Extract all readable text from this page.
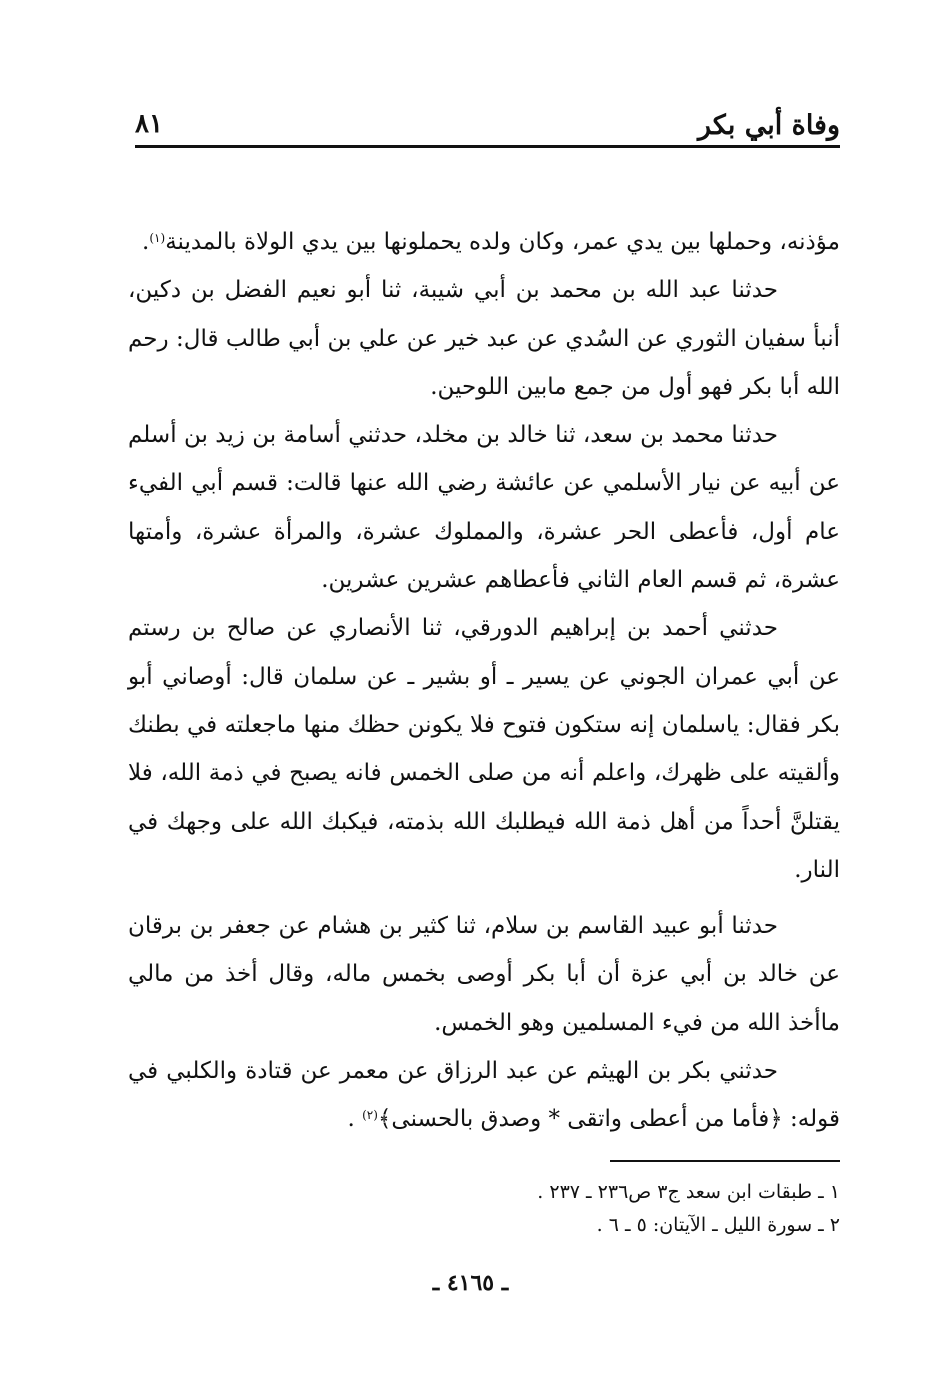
وفاة أبي بكر
٨١

مؤذنه، وحملها بين يدي عمر، وكان ولده يحملونها بين يدي الولاة بالمدينة$^{(١)}$.

حدثنا عبد الله بن محمد بن أبي شيبة، ثنا أبو نعيم الفضل بن دكين، أنبأ سفيان الثوري عن السُدي عن عبد خير عن علي بن أبي طالب قال: رحم الله أبا بكر فهو أول من جمع مابين اللوحين.

حدثنا محمد بن سعد، ثنا خالد بن مخلد، حدثني أسامة بن زيد بن أسلم عن أبيه عن نيار الأسلمي عن عائشة رضي الله عنها قالت: قسم أبي الفيء عام أول، فأعطى الحر عشرة، والمملوك عشرة، والمرأة عشرة، وأمتها عشرة، ثم قسم العام الثاني فأعطاهم عشرين عشرين.

حدثني أحمد بن إبراهيم الدورقي، ثنا الأنصاري عن صالح بن رستم عن أبي عمران الجوني عن يسير ـ أو بشير ـ عن سلمان قال: أوصاني أبو بكر فقال: ياسلمان إنه ستكون فتوح فلا يكونن حظك منها ماجعلته في بطنك وألقيته على ظهرك، واعلم أنه من صلى الخمس فانه يصبح في ذمة الله، فلا يقتلنَّ أحداً من أهل ذمة الله فيطلبك الله بذمته، فيكبك الله على وجهك في النار.

حدثنا أبو عبيد القاسم بن سلام، ثنا كثير بن هشام عن جعفر بن برقان عن خالد بن أبي عزة أن أبا بكر أوصى بخمس ماله، وقال أخذ من مالي ماأخذ الله من فيء المسلمين وهو الخمس.

حدثني بكر بن الهيثم عن عبد الرزاق عن معمر عن قتادة والكلبي في قوله: ﴿فأما من أعطى واتقى * وصدق بالحسنى﴾$^{(٢)}$ .

١ ـ طبقات ابن سعد ج٣ ص٢٣٦ ـ ٢٣٧ .
٢ ـ سورة الليل ـ الآيتان: ٥ ـ ٦ .
ـ ٤١٦٥ ـ
